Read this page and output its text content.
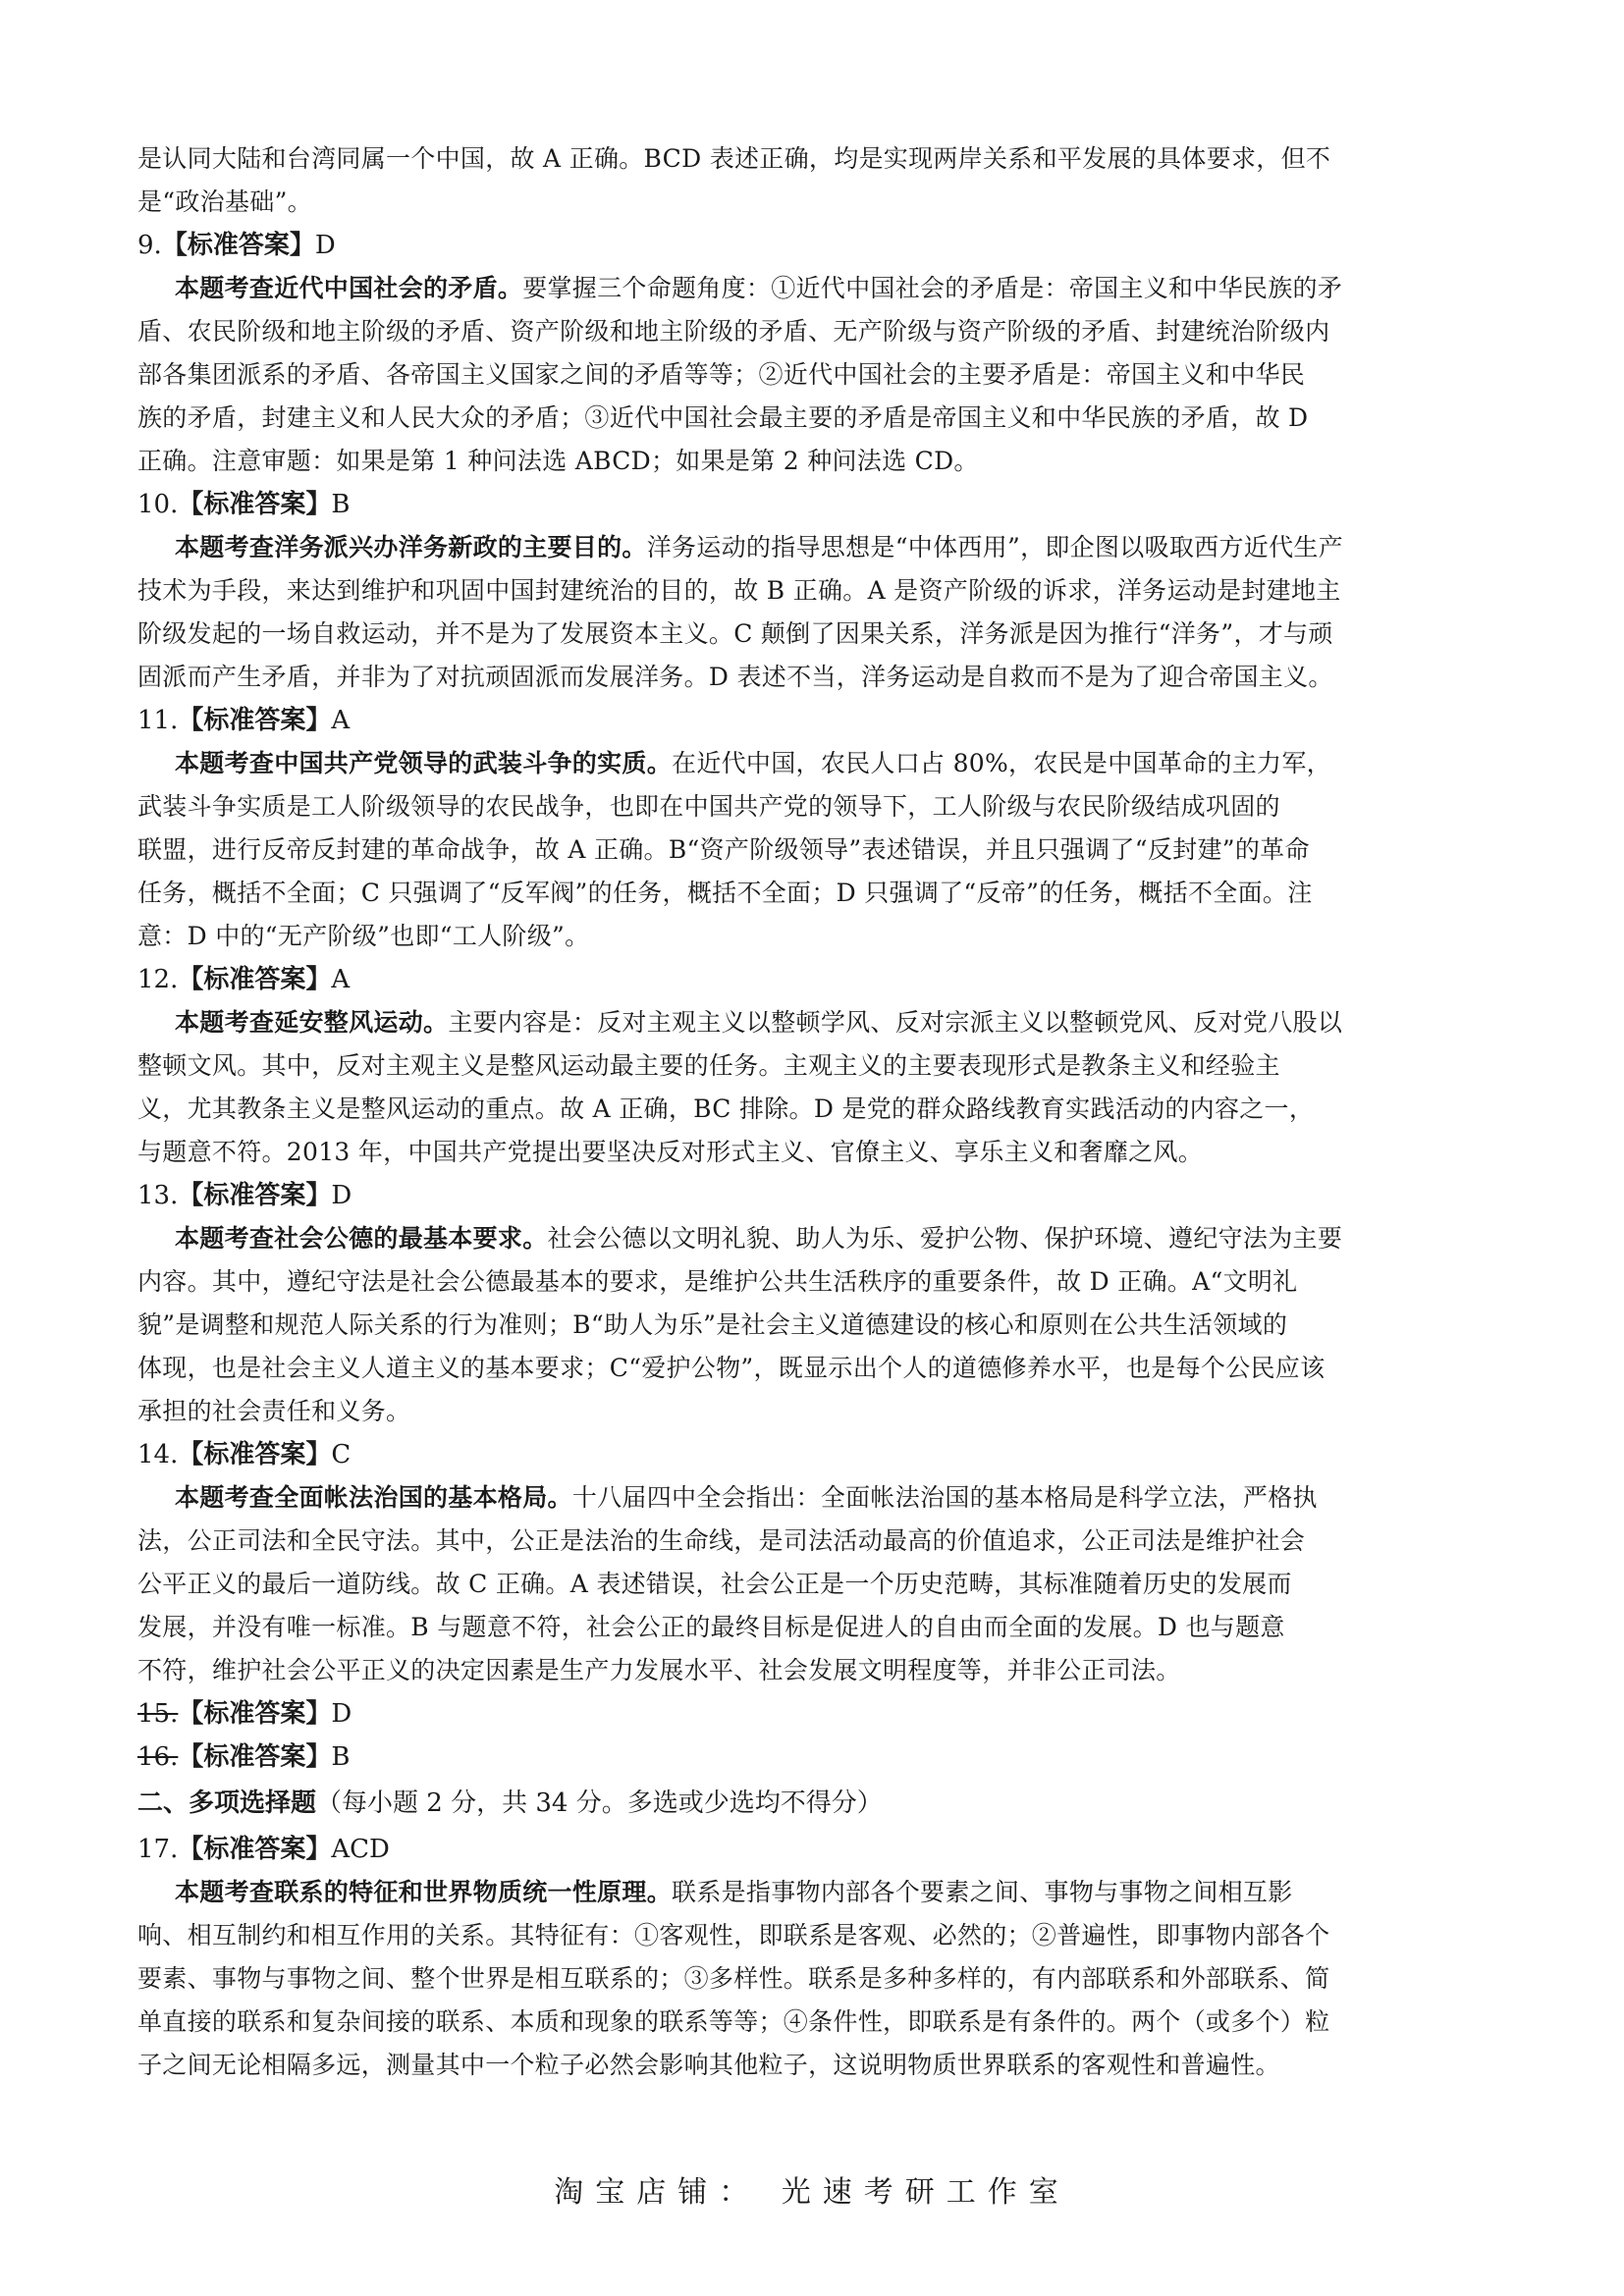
是认同大陆和台湾同属一个中国，故 A 正确。BCD 表述正确，均是实现两岸关系和平发展的具体要求，但不
是“政治基础”。
9.【标准答案】D
本题考查近代中国社会的矛盾。要掌握三个命题角度：①近代中国社会的矛盾是：帝国主义和中华民族的矛
盾、农民阶级和地主阶级的矛盾、资产阶级和地主阶级的矛盾、无产阶级与资产阶级的矛盾、封建统治阶级内
部各集团派系的矛盾、各帝国主义国家之间的矛盾等等；②近代中国社会的主要矛盾是：帝国主义和中华民
族的矛盾，封建主义和人民大众的矛盾；③近代中国社会最主要的矛盾是帝国主义和中华民族的矛盾，故 D
正确。注意审题：如果是第 1 种问法选 ABCD；如果是第 2 种问法选 CD。
10.【标准答案】B
本题考查洋务派兴办洋务新政的主要目的。洋务运动的指导思想是“中体西用”，即企图以吸取西方近代生产
技术为手段，来达到维护和巩固中国封建统治的目的，故 B 正确。A 是资产阶级的诉求，洋务运动是封建地主
阶级发起的一场自救运动，并不是为了发展资本主义。C 颠倒了因果关系，洋务派是因为推行“洋务”，才与顽
固派而产生矛盾，并非为了对抗顽固派而发展洋务。D 表述不当，洋务运动是自救而不是为了迎合帝国主义。
11.【标准答案】A
本题考查中国共产党领导的武装斗争的实质。在近代中国，农民人口占 80%，农民是中国革命的主力军，
武装斗争实质是工人阶级领导的农民战争，也即在中国共产党的领导下，工人阶级与农民阶级结成巩固的
联盟，进行反帝反封建的革命战争，故 A 正确。B“资产阶级领导”表述错误，并且只强调了“反封建”的革命
任务，概括不全面；C 只强调了“反军阀”的任务，概括不全面；D 只强调了“反帝”的任务，概括不全面。注
意：D 中的“无产阶级”也即“工人阶级”。
12.【标准答案】A
本题考查延安整风运动。主要内容是：反对主观主义以整顿学风、反对宗派主义以整顿党风、反对党八股以
整顿文风。其中，反对主观主义是整风运动最主要的任务。主观主义的主要表现形式是教条主义和经验主
义，尤其教条主义是整风运动的重点。故 A 正确，BC 排除。D 是党的群众路线教育实践活动的内容之一，
与题意不符。2013 年，中国共产党提出要坚决反对形式主义、官僚主义、享乐主义和奢靡之风。
13.【标准答案】D
本题考查社会公德的最基本要求。社会公德以文明礼貌、助人为乐、爱护公物、保护环境、遵纪守法为主要
内容。其中，遵纪守法是社会公德最基本的要求，是维护公共生活秩序的重要条件，故 D 正确。A“文明礼
貌”是调整和规范人际关系的行为准则；B“助人为乐”是社会主义道德建设的核心和原则在公共生活领域的
体现，也是社会主义人道主义的基本要求；C“爱护公物”，既显示出个人的道德修养水平，也是每个公民应该
承担的社会责任和义务。
14.【标准答案】C
本题考查全面帐法治国的基本格局。十八届四中全会指出：全面帐法治国的基本格局是科学立法，严格执
法，公正司法和全民守法。其中，公正是法治的生命线，是司法活动最高的价值追求，公正司法是维护社会
公平正义的最后一道防线。故 C 正确。A 表述错误，社会公正是一个历史范畴，其标准随着历史的发展而
发展，并没有唯一标准。B 与题意不符，社会公正的最终目标是促进人的自由而全面的发展。D 也与题意
不符，维护社会公平正义的决定因素是生产力发展水平、社会发展文明程度等，并非公正司法。
15.【标准答案】D
16.【标准答案】B
二、多项选择题（每小题 2 分，共 34 分。多选或少选均不得分）
17.【标准答案】ACD
本题考查联系的特征和世界物质统一性原理。联系是指事物内部各个要素之间、事物与事物之间相互影
响、相互制约和相互作用的关系。其特征有：①客观性，即联系是客观、必然的；②普遍性，即事物内部各个
要素、事物与事物之间、整个世界是相互联系的；③多样性。联系是多种多样的，有内部联系和外部联系、简
单直接的联系和复杂间接的联系、本质和现象的联系等等；④条件性，即联系是有条件的。两个（或多个）粒
子之间无论相隔多远，测量其中一个粒子必然会影响其他粒子，这说明物质世界联系的客观性和普遍性。
淘宝店铺： 光速考研工作室
